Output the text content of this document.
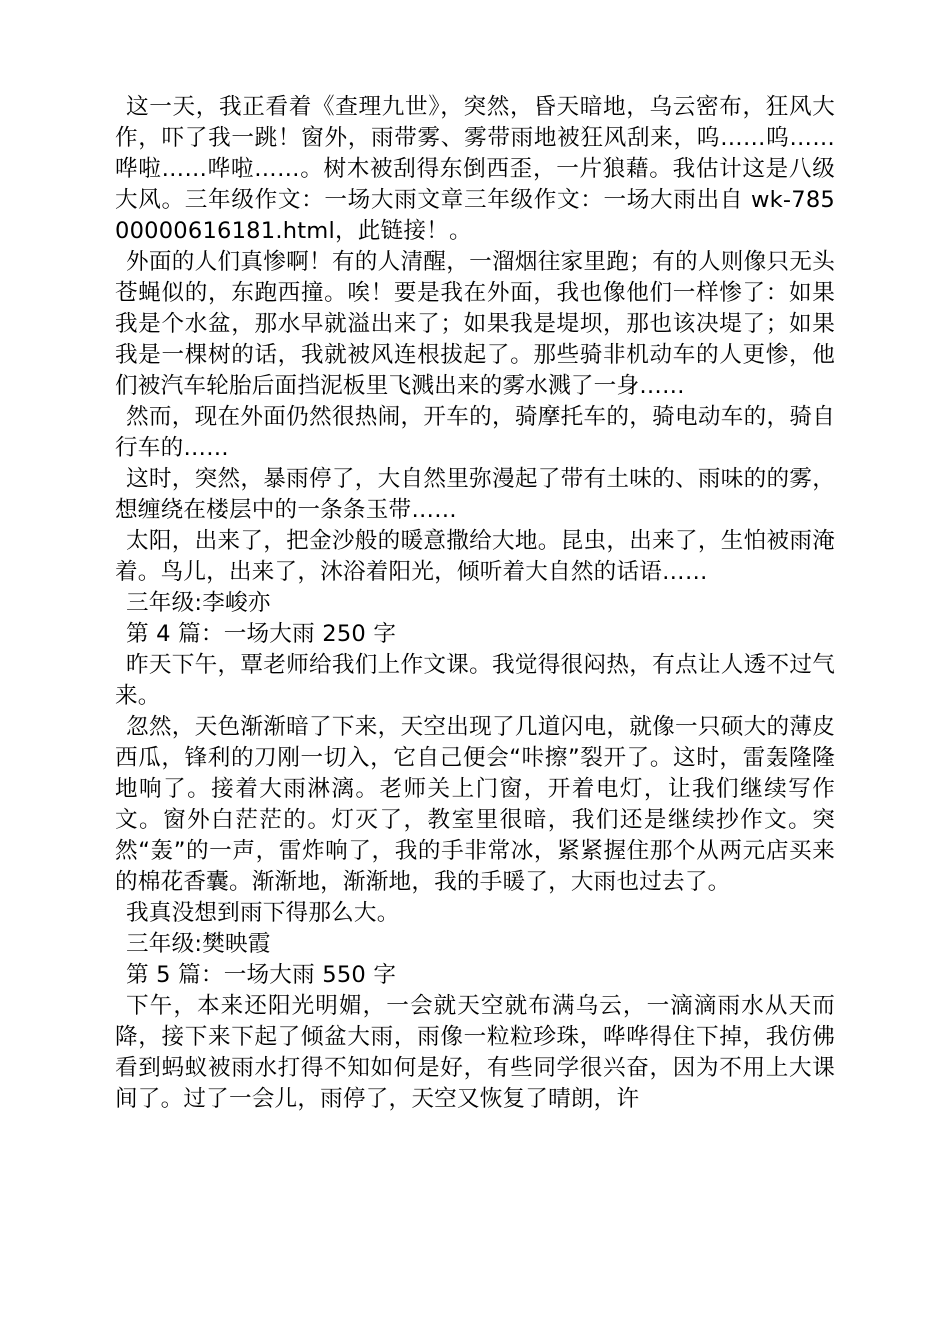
这一天，我正看着《查理九世》，突然，昏天暗地，乌云密布，狂风大作，吓了我一跳！窗外，雨带雾、雾带雨地被狂风刮来，呜……呜……哗啦……哗啦……。树木被刮得东倒西歪，一片狼藉。我估计这是八级大风。三年级作文：一场大雨文章三年级作文：一场大雨出自 wk-78500000616181.html，此链接！。

外面的人们真惨啊！有的人清醒，一溜烟往家里跑；有的人则像只无头苍蝇似的，东跑西撞。唉！要是我在外面，我也像他们一样惨了：如果我是个水盆，那水早就溢出来了；如果我是堤坝，那也该决堤了；如果我是一棵树的话，我就被风连根拔起了。那些骑非机动车的人更惨，他们被汽车轮胎后面挡泥板里飞溅出来的雾水溅了一身……

然而，现在外面仍然很热闹，开车的，骑摩托车的，骑电动车的，骑自行车的……

这时，突然，暴雨停了，大自然里弥漫起了带有土味的、雨味的的雾，想缠绕在楼层中的一条条玉带……

太阳，出来了，把金沙般的暖意撒给大地。昆虫，出来了，生怕被雨淹着。鸟儿，出来了，沐浴着阳光，倾听着大自然的话语……

三年级:李峻亦

第 4 篇：一场大雨 250 字

昨天下午，覃老师给我们上作文课。我觉得很闷热，有点让人透不过气来。

忽然，天色渐渐暗了下来，天空出现了几道闪电，就像一只硕大的薄皮西瓜，锋利的刀刚一切入，它自己便会“咔擦”裂开了。这时，雷轰隆隆地响了。接着大雨淋漓。老师关上门窗，开着电灯，让我们继续写作文。窗外白茫茫的。灯灭了，教室里很暗，我们还是继续抄作文。突然“轰”的一声，雷炸响了，我的手非常冰，紧紧握住那个从两元店买来的棉花香囊。渐渐地，渐渐地，我的手暖了，大雨也过去了。

我真没想到雨下得那么大。

三年级:樊映霞

第 5 篇：一场大雨 550 字

下午，本来还阳光明媚，一会就天空就布满乌云，一滴滴雨水从天而降，接下来下起了倾盆大雨，雨像一粒粒珍珠，哗哗得住下掉，我仿佛看到蚂蚁被雨水打得不知如何是好，有些同学很兴奋，因为不用上大课间了。过了一会儿，雨停了，天空又恢复了晴朗，许
